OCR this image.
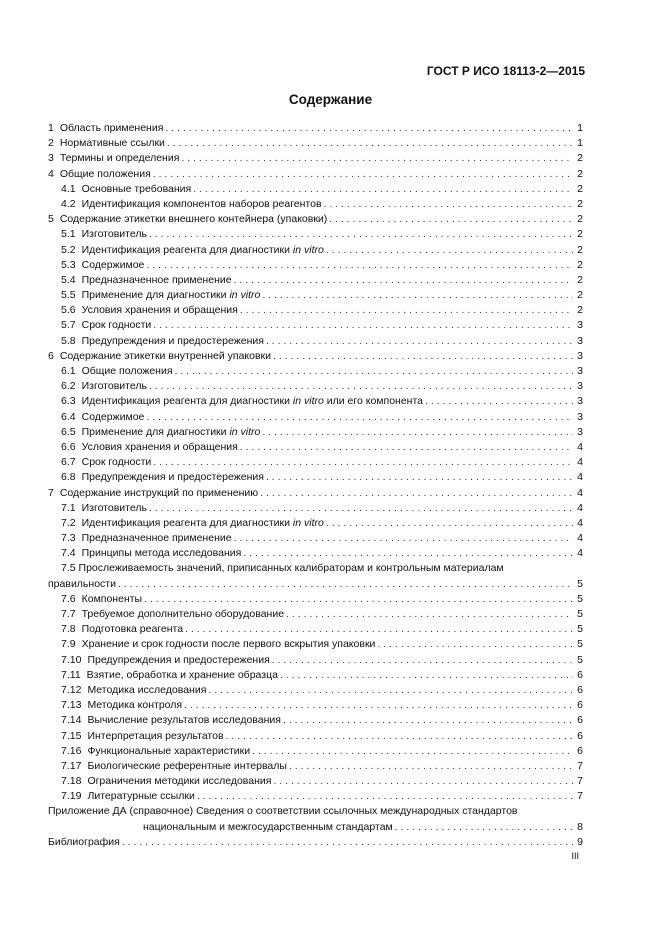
ГОСТ Р ИСО 18113-2—2015
Содержание
1 Область применения . . .	1
2 Нормативные ссылки . . .	1
3 Термины и определения . . .	2
4 Общие положения . . .	2
4.1 Основные требования . . .	2
4.2 Идентификация компонентов наборов реагентов . . .	2
5 Содержание этикетки внешнего контейнера (упаковки) . . .	2
5.1 Изготовитель . . .	2
5.2 Идентификация реагента для диагностики in vitro . . .	2
5.3 Содержимое . . .	2
5.4 Предназначенное применение . . .	2
5.5 Применение для диагностики in vitro . . .	2
5.6 Условия хранения и обращения . . .	2
5.7 Срок годности . . .	3
5.8 Предупреждения и предостережения . . .	3
6 Содержание этикетки внутренней упаковки . . .	3
6.1 Общие положения . . .	3
6.2 Изготовитель . . .	3
6.3 Идентификация реагента для диагностики in vitro или его компонента . . .	3
6.4 Содержимое . . .	3
6.5 Применение для диагностики in vitro . . .	3
6.6 Условия хранения и обращения . . .	4
6.7 Срок годности . . .	4
6.8 Предупреждения и предостережения . . .	4
7 Содержание инструкций по применению . . .	4
7.1 Изготовитель . . .	4
7.2 Идентификация реагента для диагностики in vitro . . .	4
7.3 Предназначенное применение . . .	4
7.4 Принципы метода исследования . . .	4
7.5 Прослеживаемость значений, приписанных калибраторам и контрольным материалам
правильности . . .	5
7.6 Компоненты . . .	5
7.7 Требуемое дополнительно оборудование . . .	5
7.8 Подготовка реагента . . .	5
7.9 Хранение и срок годности после первого вскрытия упаковки . . .	5
7.10 Предупреждения и предостережения . . .	5
7.11 Взятие, обработка и хранение образца . . .	6
7.12 Методика исследования . . .	6
7.13 Методика контроля . . .	6
7.14 Вычисление результатов исследования . . .	6
7.15 Интерпретация результатов . . .	6
7.16 Функциональные характеристики . . .	6
7.17 Биологические референтные интервалы . . .	7
7.18 Ограничения методики исследования . . .	7
7.19 Литературные ссылки . . .	7
Приложение ДА (справочное) Сведения о соответствии ссылочных международных стандартов
национальным и межгосударственным стандартам . . .	8
Библиография . . .	9
III
